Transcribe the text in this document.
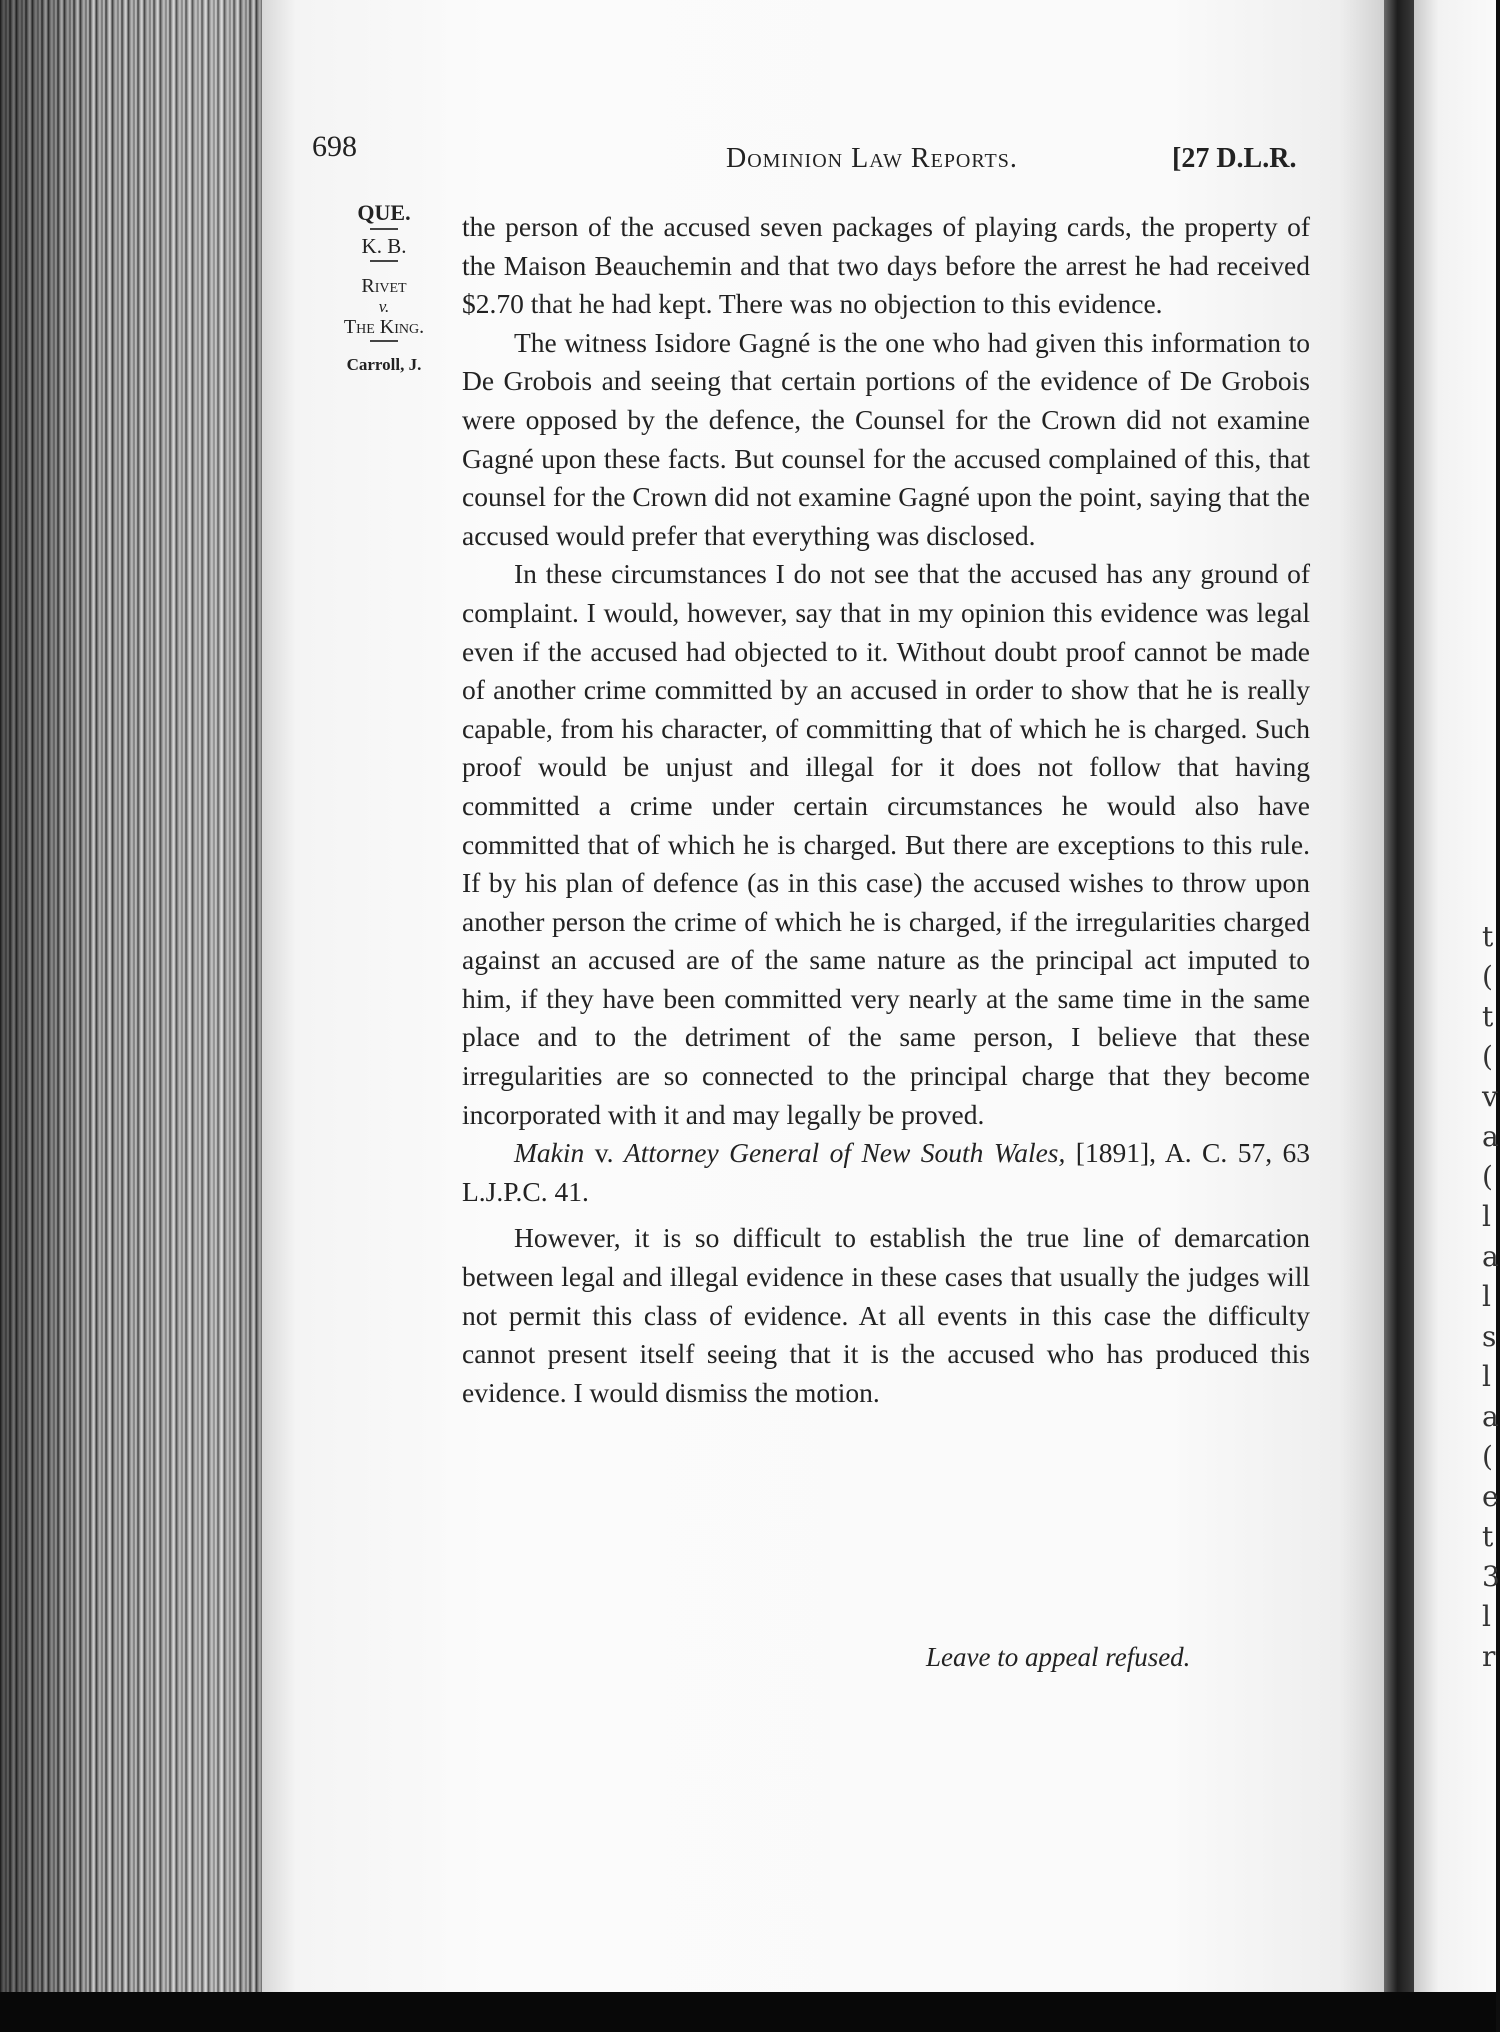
t
(
t
(
v
a
(
l
a
l
s
l
a
(
e
t
3
l
r
698	Dominion Law Reports.	[27 D.L.R.
QUE.
K. B.
Rivet
v.
The King.
Carroll, J.

the person of the accused seven packages of playing cards, the property of the Maison Beauchemin and that two days before the arrest he had received $2.70 that he had kept. There was no objection to this evidence.

The witness Isidore Gagné is the one who had given this information to De Grobois and seeing that certain portions of the evidence of De Grobois were opposed by the defence, the Counsel for the Crown did not examine Gagné upon these facts. But counsel for the accused complained of this, that counsel for the Crown did not examine Gagné upon the point, saying that the accused would prefer that everything was disclosed.

In these circumstances I do not see that the accused has any ground of complaint. I would, however, say that in my opinion this evidence was legal even if the accused had objected to it. Without doubt proof cannot be made of another crime committed by an accused in order to show that he is really capable, from his character, of committing that of which he is charged. Such proof would be unjust and illegal for it does not follow that having committed a crime under certain circumstances he would also have committed that of which he is charged. But there are exceptions to this rule. If by his plan of defence (as in this case) the accused wishes to throw upon another person the crime of which he is charged, if the irregularities charged against an accused are of the same nature as the principal act imputed to him, if they have been committed very nearly at the same time in the same place and to the detriment of the same person, I believe that these irregularities are so connected to the principal charge that they become incorporated with it and may legally be proved.

Makin v. Attorney General of New South Wales, [1891], A. C. 57, 63 L.J.P.C. 41.

However, it is so difficult to establish the true line of demarcation between legal and illegal evidence in these cases that usually the judges will not permit this class of evidence. At all events in this case the difficulty cannot present itself seeing that it is the accused who has produced this evidence. I would dismiss the motion.

Leave to appeal refused.
